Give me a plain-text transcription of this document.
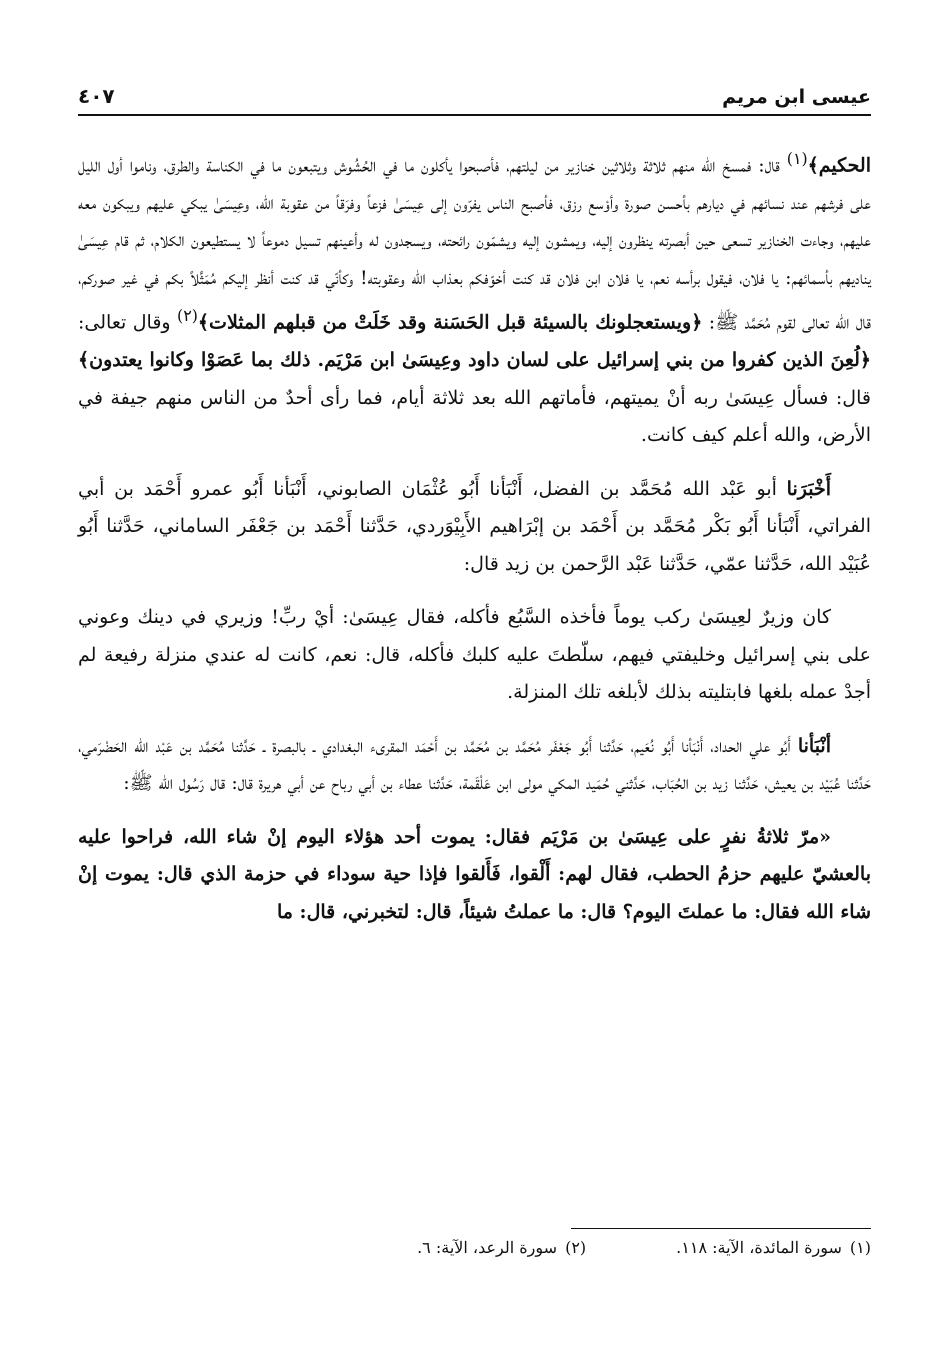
عيسى ابن مريم
٤٠٧

الحكيم﴾$^{(١)}$ قال: فمسخ الله منهم ثلاثة وثلاثين خنازير من ليلتهم، فأصبحوا يأكلون ما في الحُشُوش ويتبعون ما في الكناسة والطرق، وناموا أول الليل على فرشهم عند نسائهم في ديارهم بأحسن صورة وأوْسع رزق، فأصبح الناس يفرّون إلى عِيسَىٰ فزعاً وفرَقاً من عقوبة الله، وعِيسَىٰ يبكي عليهم ويبكون معه عليهم، وجاءت الخنازير تسعى حين أبصرته ينظرون إليه، ويمشون إليه ويشمّون رائحته، ويسجدون له وأعينهم تسيل دموعاً لا يستطيعون الكلام، ثم قام عِيسَىٰ يناديهم بأسمائهم: يا فلان، فيقول برأسه نعم، يا فلان ابن فلان قد كنت أخوّفكم بعذاب الله وعقوبته! وكأنّي قد كنت أنظر إليكم مُمَثَّلاً بكم في غير صوركم، قال الله تعالى لقوم مُحَمَّد ﷺ: ﴿ويستعجلونك بالسيئة قبل الحَسَنة وقد خَلَتْ من قبلهم المثلات﴾$^{(٢)}$ وقال تعالى: ﴿لُعِنَ الذين كفروا من بني إسرائيل على لسان داود وعِيسَىٰ ابن مَرْيَم. ذلك بما عَصَوْا وكانوا يعتدون﴾ قال: فسأل عِيسَىٰ ربه أنْ يميتهم، فأماتهم الله بعد ثلاثة أيام، فما رأى أحدٌ من الناس منهم جيفة في الأرض، والله أعلم كيف كانت.

أَخْبَرَنا أبو عَبْد الله مُحَمَّد بن الفضل، أَنْبَأنا أَبُو عُثْمَان الصابوني، أَنْبَأنا أَبُو عمرو أَحْمَد بن أبي الفراتي، أَنْبَأنا أَبُو بَكْر مُحَمَّد بن أَحْمَد بن إبْرَاهيم الأَبِيْوَردي، حَدَّثنا أَحْمَد بن جَعْفَر الساماني، حَدَّثنا أَبُو عُبَيْد الله، حَدَّثنا عمّي، حَدَّثنا عَبْد الرَّحمن بن زيد قال:

كان وزيرٌ لعِيسَىٰ ركب يوماً فأخذه السَّبُع فأكله، فقال عِيسَىٰ: أيْ ربِّ! وزيري في دينك وعوني على بني إسرائيل وخليفتي فيهم، سلّطتَ عليه كلبك فأكله، قال: نعم، كانت له عندي منزلة رفيعة لم أجدْ عمله بلغها فابتليته بذلك لأبلغه تلك المنزلة.

أنْبَأنا أَبُو علي الحداد، أَنْبَأنا أَبُو نُعَيم، حَدَّثنا أَبُو جَعْفَر مُحَمَّد بن مُحَمَّد بن أَحْمَد المقرىء البغدادي ـ بالبصرة ـ حَدَّثنا مُحَمَّد بن عَبْد الله الحَضْرَمي، حَدَّثنا عُبَيْد بن يعيش، حَدَّثنا زيد بن الحُبَاب، حَدَّثني حُمَيد المكي مولى ابن عَلْقَمة، حَدَّثنا عطاء بن أبي رباح عن أبي هريرة قال: قال رَسُول الله ﷺ:

«مرّ ثلاثةُ نفرٍ على عِيسَىٰ بن مَرْيَم فقال: يموت أحد هؤلاء اليوم إنْ شاء الله، فراحوا عليه بالعشيّ عليهم حزمُ الحطب، فقال لهم: أَلْقوا، فَأَلقوا فإذا حية سوداء في حزمة الذي قال: يموت إنْ شاء الله فقال: ما عملتَ اليوم؟ قال: ما عملتُ شيئاً، قال: لتخبرني، قال: ما

(١)سورة المائدة، الآية: ١١٨.
(٢)سورة الرعد، الآية: ٦.
